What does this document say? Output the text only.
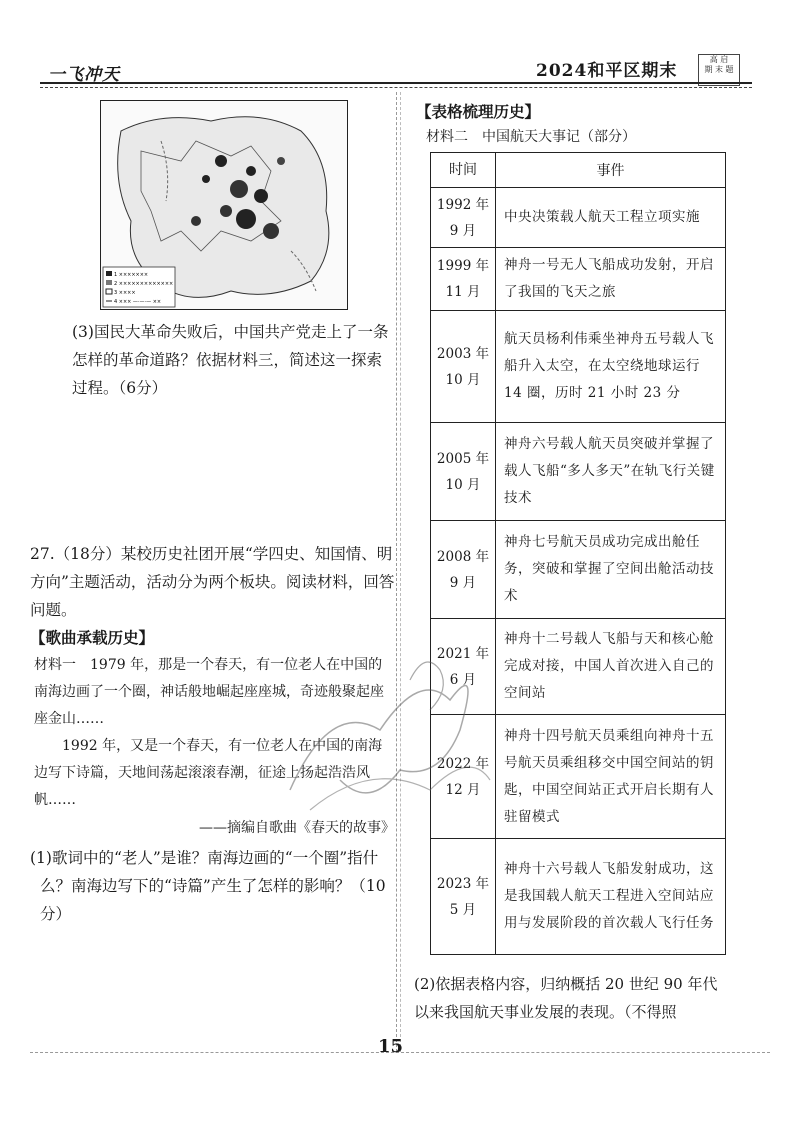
一飞冲天	2024和平区期末
高 启
期 末 题
1 ×××××××
2 ×××××××××××××
3 ××××
4 ××× —·—·— ××
(3)国民大革命失败后，中国共产党走上了一条怎样的革命道路？依据材料三，简述这一探索过程。（6分）
27.（18分）某校历史社团开展“学四史、知国情、明方向”主题活动，活动分为两个板块。阅读材料，回答问题。
【歌曲承载历史】
材料一　1979 年，那是一个春天，有一位老人在中国的南海边画了一个圈，神话般地崛起座座城，奇迹般聚起座座金山……
1992 年，又是一个春天，有一位老人在中国的南海边写下诗篇，天地间荡起滚滚春潮，征途上扬起浩浩风帆……
——摘编自歌曲《春天的故事》
(1)歌词中的“老人”是谁？南海边画的“一个圈”指什么？南海边写下的“诗篇”产生了怎样的影响？（10分）
【表格梳理历史】
材料二　中国航天大事记（部分）
时间	事件

1992 年
9 月	中央决策载人航天工程立项实施

1999 年
11 月	神舟一号无人飞船成功发射，开启了我国的飞天之旅

2003 年
10 月	航天员杨利伟乘坐神舟五号载人飞船升入太空，在太空绕地球运行 14 圈，历时 21 小时 23 分

2005 年
10 月	神舟六号载人航天员突破并掌握了载人飞船“多人多天”在轨飞行关键技术

2008 年
9 月	神舟七号航天员成功完成出舱任务，突破和掌握了空间出舱活动技术

2021 年
6 月	神舟十二号载人飞船与天和核心舱完成对接，中国人首次进入自己的空间站

2022 年
12 月	神舟十四号航天员乘组向神舟十五号航天员乘组移交中国空间站的钥匙，中国空间站正式开启长期有人驻留模式

2023 年
5 月	神舟十六号载人飞船发射成功，这是我国载人航天工程进入空间站应用与发展阶段的首次载人飞行任务
(2)依据表格内容，归纳概括 20 世纪 90 年代以来我国航天事业发展的表现。（不得照
15
